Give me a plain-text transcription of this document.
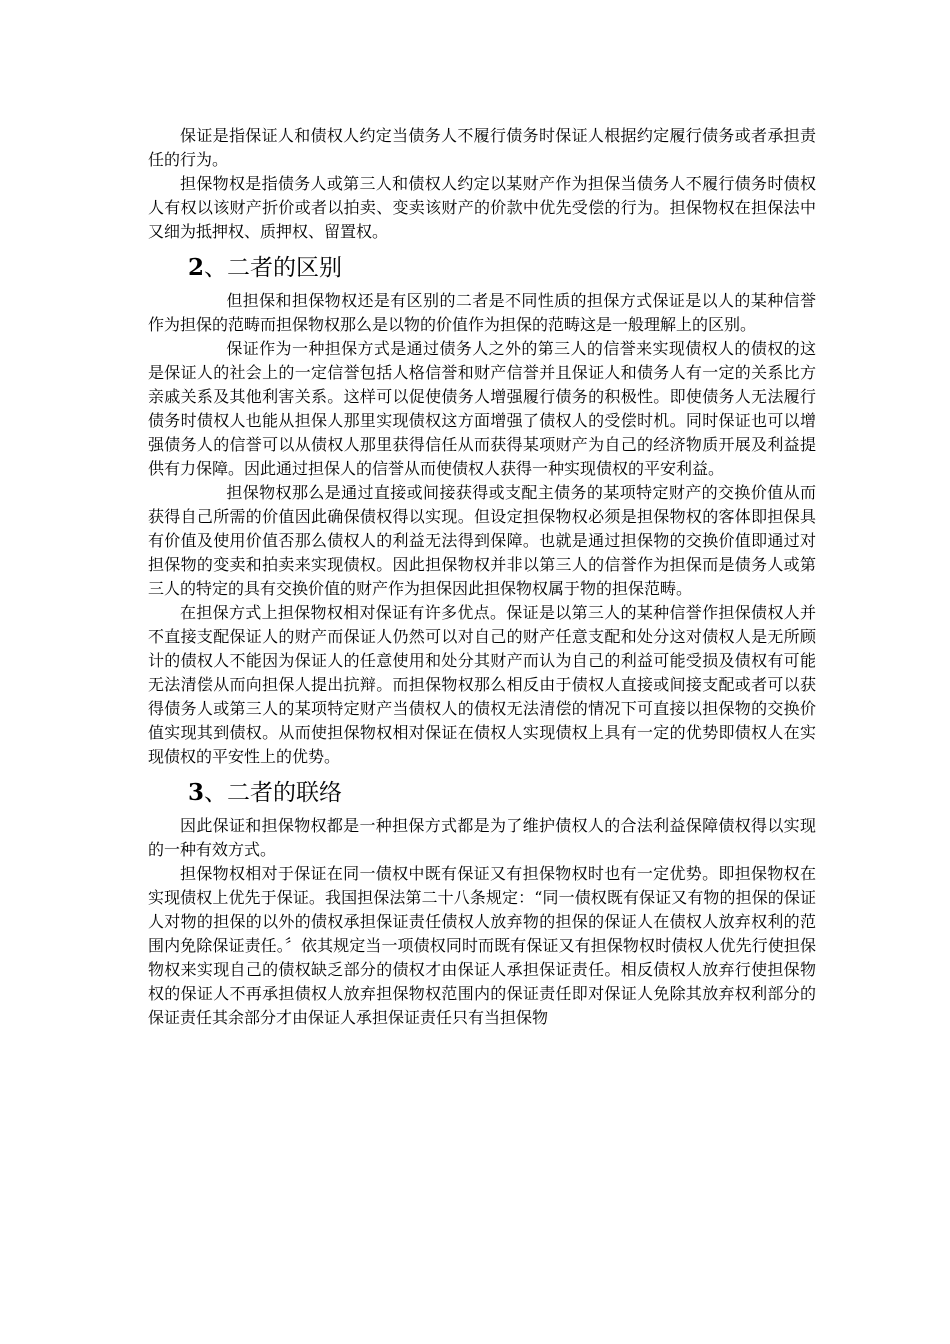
保证是指保证人和债权人约定当债务人不履行债务时保证人根据约定履行债务或者承担责任的行为。

担保物权是指债务人或第三人和债权人约定以某财产作为担保当债务人不履行债务时债权人有权以该财产折价或者以拍卖、变卖该财产的价款中优先受偿的行为。担保物权在担保法中又细为抵押权、质押权、留置权。

2、二者的区别

但担保和担保物权还是有区别的二者是不同性质的担保方式保证是以人的某种信誉作为担保的范畴而担保物权那么是以物的价值作为担保的范畴这是一般理解上的区别。

保证作为一种担保方式是通过债务人之外的第三人的信誉来实现债权人的债权的这是保证人的社会上的一定信誉包括人格信誉和财产信誉并且保证人和债务人有一定的关系比方亲戚关系及其他利害关系。这样可以促使债务人增强履行债务的积极性。即使债务人无法履行债务时债权人也能从担保人那里实现债权这方面增强了债权人的受偿时机。同时保证也可以增强债务人的信誉可以从债权人那里获得信任从而获得某项财产为自己的经济物质开展及利益提供有力保障。因此通过担保人的信誉从而使债权人获得一种实现债权的平安利益。

担保物权那么是通过直接或间接获得或支配主债务的某项特定财产的交换价值从而获得自己所需的价值因此确保债权得以实现。但设定担保物权必须是担保物权的客体即担保具有价值及使用价值否那么债权人的利益无法得到保障。也就是通过担保物的交换价值即通过对担保物的变卖和拍卖来实现债权。因此担保物权并非以第三人的信誉作为担保而是债务人或第三人的特定的具有交换价值的财产作为担保因此担保物权属于物的担保范畴。

在担保方式上担保物权相对保证有许多优点。保证是以第三人的某种信誉作担保债权人并不直接支配保证人的财产而保证人仍然可以对自己的财产任意支配和处分这对债权人是无所顾计的债权人不能因为保证人的任意使用和处分其财产而认为自己的利益可能受损及债权有可能无法清偿从而向担保人提出抗辩。而担保物权那么相反由于债权人直接或间接支配或者可以获得债务人或第三人的某项特定财产当债权人的债权无法清偿的情况下可直接以担保物的交换价值实现其到债权。从而使担保物权相对保证在债权人实现债权上具有一定的优势即债权人在实现债权的平安性上的优势。

3、二者的联络

因此保证和担保物权都是一种担保方式都是为了维护债权人的合法利益保障债权得以实现的一种有效方式。

担保物权相对于保证在同一债权中既有保证又有担保物权时也有一定优势。即担保物权在实现债权上优先于保证。我国担保法第二十八条规定：“同一债权既有保证又有物的担保的保证人对物的担保的以外的债权承担保证责任债权人放弃物的担保的保证人在债权人放弃权利的范围内免除保证责任。〞依其规定当一项债权同时而既有保证又有担保物权时债权人优先行使担保物权来实现自己的债权缺乏部分的债权才由保证人承担保证责任。相反债权人放弃行使担保物权的保证人不再承担债权人放弃担保物权范围内的保证责任即对保证人免除其放弃权利部分的保证责任其余部分才由保证人承担保证责任只有当担保物
